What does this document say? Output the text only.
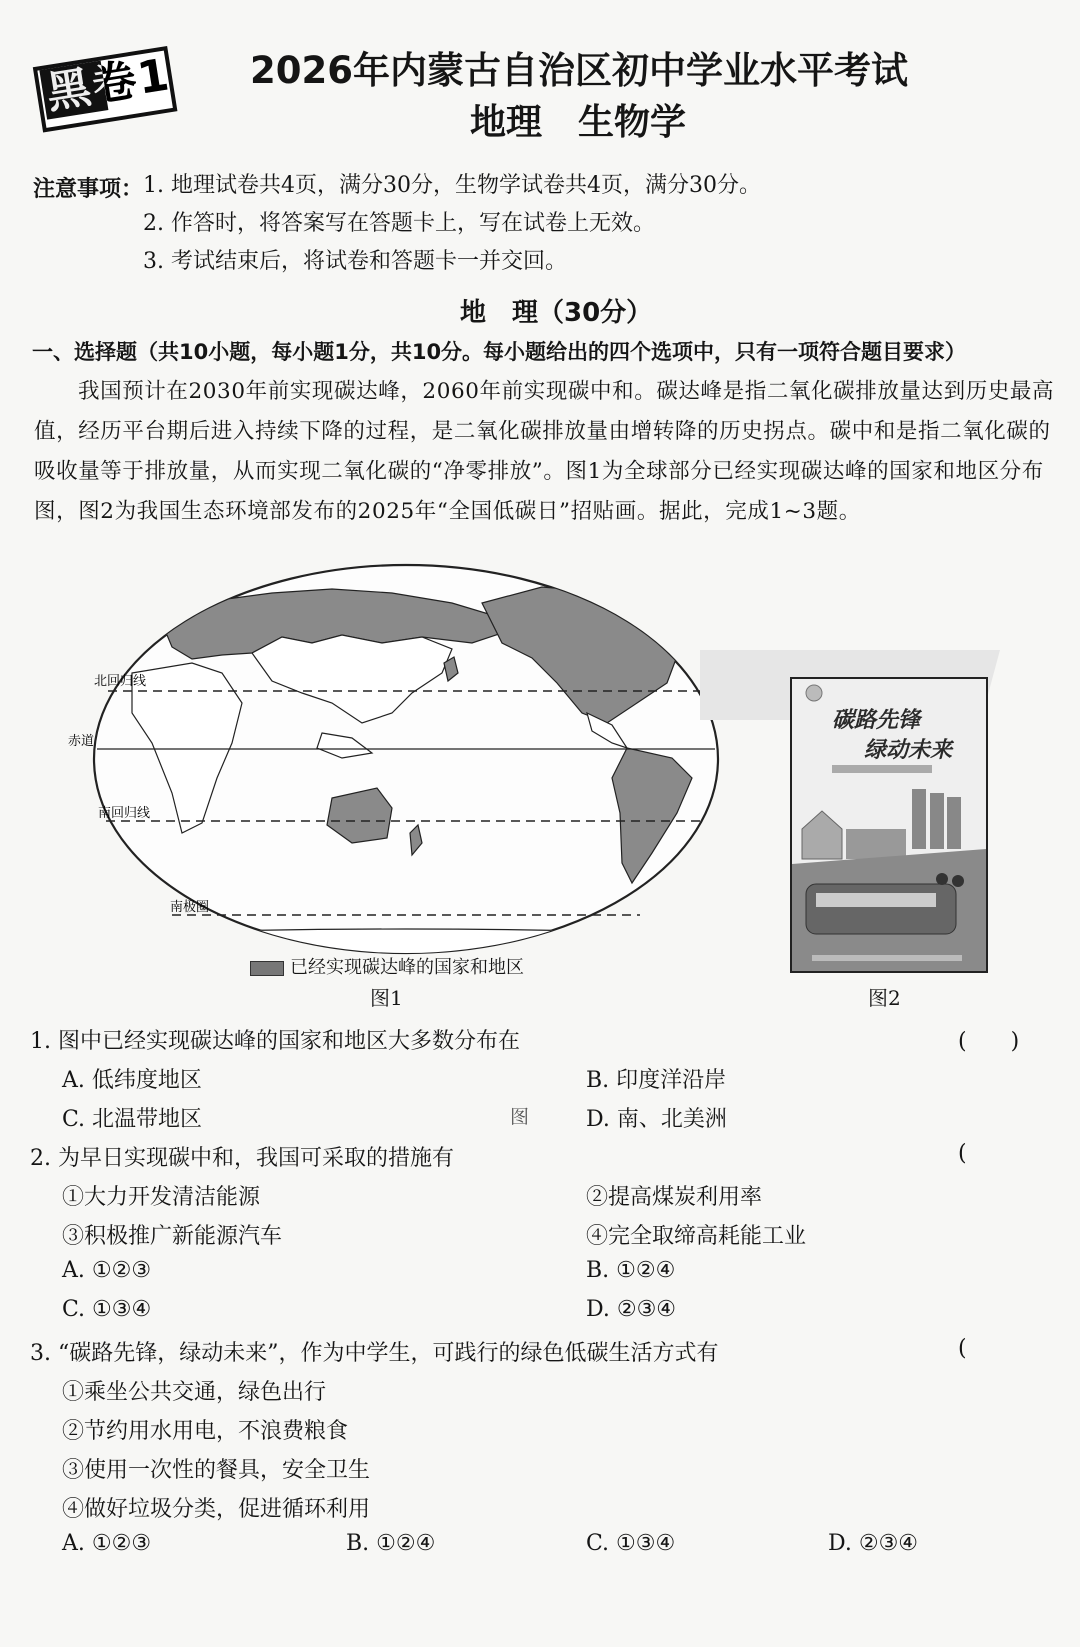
黑卷1 2026年内蒙古自治区初中学业水平考试
地理　生物学
注意事项： 1. 地理试卷共4页，满分30分，生物学试卷共4页，满分30分。
2. 作答时，将答案写在答题卡上，写在试卷上无效。
3. 考试结束后，将试卷和答题卡一并交回。
地　理（30分）
一、选择题（共10小题，每小题1分，共10分。每小题给出的四个选项中，只有一项符合题目要求）
我国预计在2030年前实现碳达峰，2060年前实现碳中和。碳达峰是指二氧化碳排放量达到历史最高值，经历平台期后进入持续下降的过程，是二氧化碳排放量由增转降的历史拐点。碳中和是指二氧化碳的吸收量等于排放量，从而实现二氧化碳的“净零排放”。图1为全球部分已经实现碳达峰的国家和地区分布图，图2为我国生态环境部发布的2025年“全国低碳日”招贴画。据此，完成1~3题。
北回归线
赤道
南回归线
南极圈
已经实现碳达峰的国家和地区
图1
碳路先锋
绿动未来
图2
1. 图中已经实现碳达峰的国家和地区大多数分布在	(　　)
A. 低纬度地区	B. 印度洋沿岸
C. 北温带地区	图	D. 南、北美洲
2. 为早日实现碳中和，我国可采取的措施有	(
①大力开发清洁能源	②提高煤炭利用率
③积极推广新能源汽车	④完全取缔高耗能工业
A. ①②③	B. ①②④
C. ①③④	D. ②③④
3. “碳路先锋，绿动未来”，作为中学生，可践行的绿色低碳生活方式有	(
①乘坐公共交通，绿色出行
②节约用水用电，不浪费粮食
③使用一次性的餐具，安全卫生
④做好垃圾分类，促进循环利用
A. ①②③	B. ①②④	C. ①③④	D. ②③④
